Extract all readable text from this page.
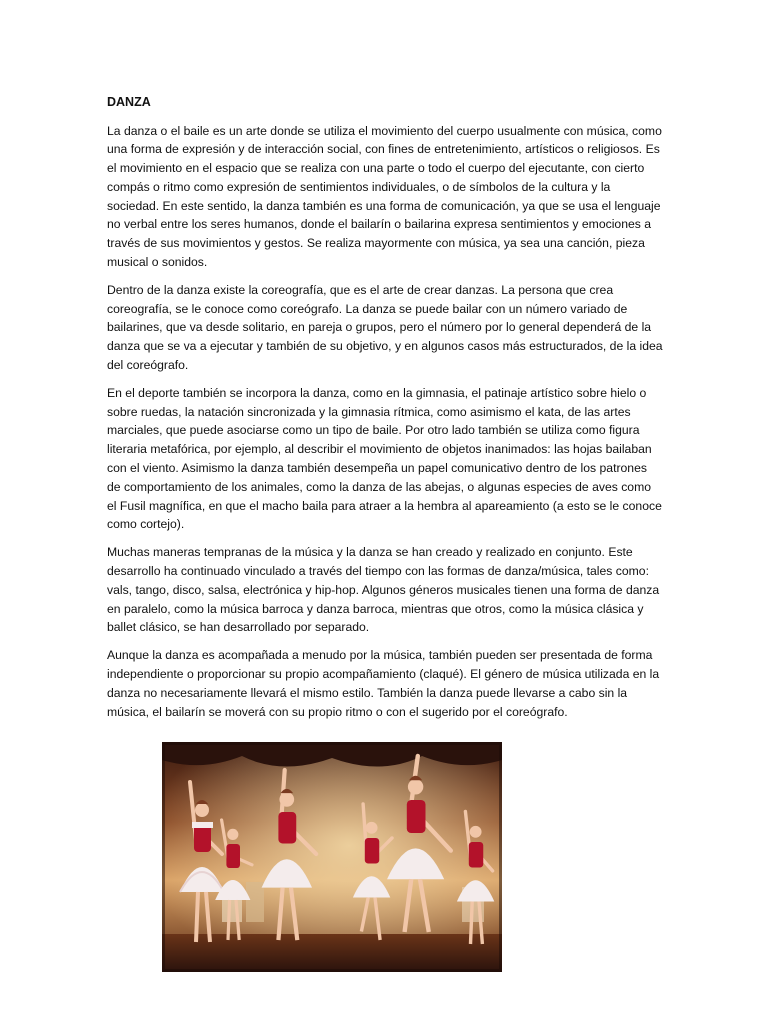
DANZA

La danza o el baile es un arte donde se utiliza el movimiento del cuerpo usualmente con música, como una forma de expresión y de interacción social, con fines de entretenimiento, artísticos o religiosos. Es el movimiento en el espacio que se realiza con una parte o todo el cuerpo del ejecutante, con cierto compás o ritmo como expresión de sentimientos individuales, o de símbolos de la cultura y la sociedad. En este sentido, la danza también es una forma de comunicación, ya que se usa el lenguaje no verbal entre los seres humanos, donde el bailarín o bailarina expresa sentimientos y emociones a través de sus movimientos y gestos. Se realiza mayormente con música, ya sea una canción, pieza musical o sonidos.

Dentro de la danza existe la coreografía, que es el arte de crear danzas. La persona que crea coreografía, se le conoce como coreógrafo. La danza se puede bailar con un número variado de bailarines, que va desde solitario, en pareja o grupos, pero el número por lo general dependerá de la danza que se va a ejecutar y también de su objetivo, y en algunos casos más estructurados, de la idea del coreógrafo.

En el deporte también se incorpora la danza, como en la gimnasia, el patinaje artístico sobre hielo o sobre ruedas, la natación sincronizada y la gimnasia rítmica, como asimismo el kata, de las artes marciales, que puede asociarse como un tipo de baile. Por otro lado también se utiliza como figura literaria metafórica, por ejemplo, al describir el movimiento de objetos inanimados: las hojas bailaban con el viento. Asimismo la danza también desempeña un papel comunicativo dentro de los patrones de comportamiento de los animales, como la danza de las abejas, o algunas especies de aves como el Fusil magnífica, en que el macho baila para atraer a la hembra al apareamiento (a esto se le conoce como cortejo).

Muchas maneras tempranas de la música y la danza se han creado y realizado en conjunto. Este desarrollo ha continuado vinculado a través del tiempo con las formas de danza/música, tales como: vals, tango, disco, salsa, electrónica y hip-hop. Algunos géneros musicales tienen una forma de danza en paralelo, como la música barroca y danza barroca, mientras que otros, como la música clásica y ballet clásico, se han desarrollado por separado.

Aunque la danza es acompañada a menudo por la música, también pueden ser presentada de forma independiente o proporcionar su propio acompañamiento (claqué). El género de música utilizada en la danza no necesariamente llevará el mismo estilo. También la danza puede llevarse a cabo sin la música, el bailarín se moverá con su propio ritmo o con el sugerido por el coreógrafo.
